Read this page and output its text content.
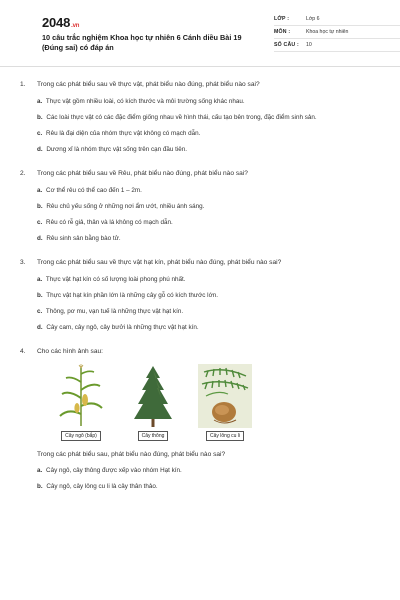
2048.vn
10 câu trắc nghiệm Khoa học tự nhiên 6 Cánh diều Bài 19 (Đúng sai) có đáp án
LỚP :	Lớp 6
MÔN :	Khoa học tự nhiên
SỐ CÂU :	10
1.	Trong các phát biểu sau về thực vật, phát biểu nào đúng, phát biểu nào sai?
a. Thực vật gồm nhiều loài, có kích thước và môi trường sống khác nhau.
b. Các loài thực vật có các đặc điểm giống nhau về hình thái, cấu tạo bên trong, đặc điểm sinh sản.
c. Rêu là đại diện của nhóm thực vật không có mạch dẫn.
d. Dương xỉ là nhóm thực vật sống trên cạn đầu tiên.
2.	Trong các phát biểu sau về Rêu, phát biểu nào đúng, phát biểu nào sai?
a. Cơ thể rêu có thể cao đến 1 – 2m.
b. Rêu chủ yếu sống ở những nơi ẩm ướt, nhiều ánh sáng.
c. Rêu có rễ giả, thân và lá không có mạch dẫn.
d. Rêu sinh sản bằng bào tử.
3.	Trong các phát biểu sau về thực vật hạt kín, phát biểu nào đúng, phát biểu nào sai?
a. Thực vật hạt kín có số lượng loài phong phú nhất.
b. Thực vật hạt kín phần lớn là những cây gỗ có kích thước lớn.
c. Thông, pơ mu, vạn tuế là những thực vật hạt kín.
d. Cây cam, cây ngô, cây bưởi là những thực vật hạt kín.
4.	Cho các hình ảnh sau:
Cây ngô (bắp)	Cây thông	Cây lông cu li
Trong các phát biểu sau, phát biểu nào đúng, phát biểu nào sai?
a. Cây ngô, cây thông được xếp vào nhóm Hạt kín.
b. Cây ngô, cây lông cu li là cây thân thảo.
